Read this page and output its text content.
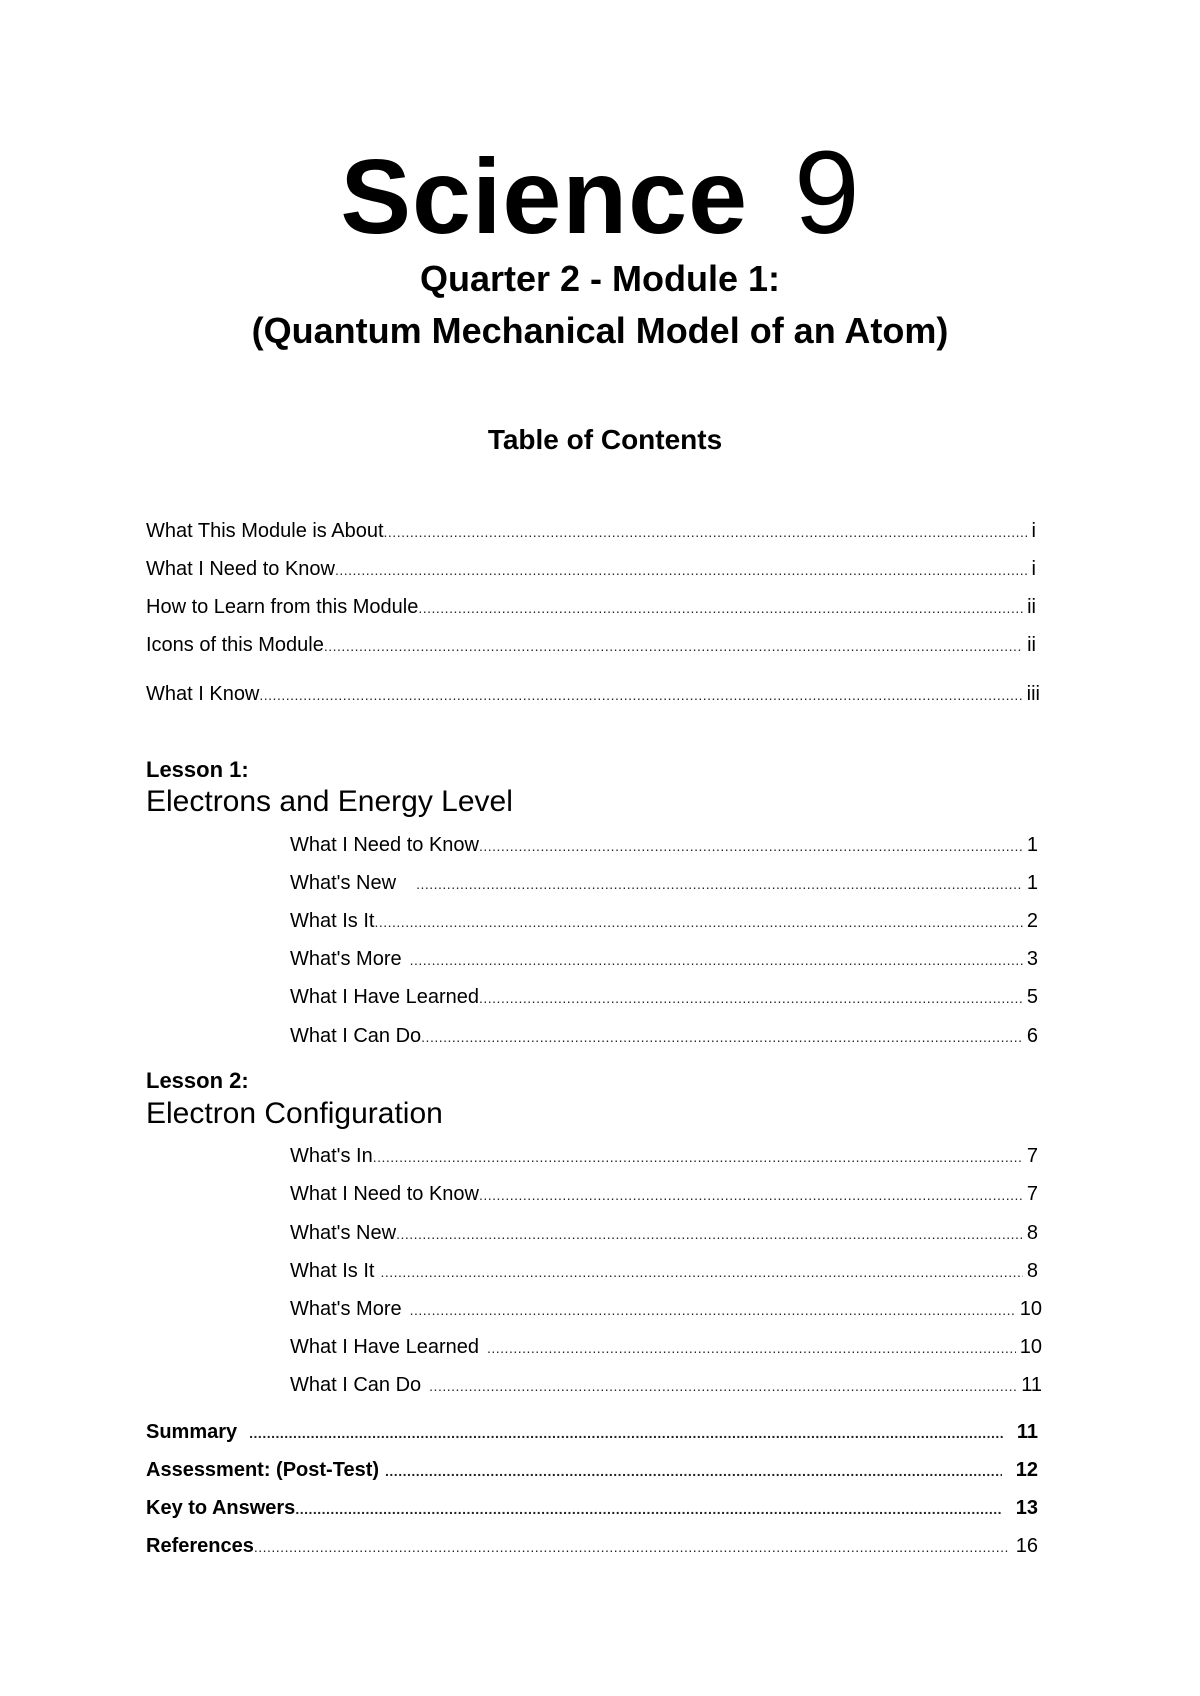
Science 9
Quarter 2 - Module 1:
(Quantum Mechanical Model of an Atom)
Table of Contents
What This Module is About .....	i
What I Need to Know .....	i
How to Learn from this Module .....	ii
Icons of this Module .....	ii
What I Know .....	iii
Lesson 1:
Electrons and Energy Level
What I Need to Know .....	1
What's New .....	1
What Is It .....	2
What's More .....	3
What I Have Learned .....	5
What I Can Do .....	6
Lesson 2:
Electron Configuration
What's In .....	7
What I Need to Know .....	7
What's New .....	8
What Is It .....	8
What's More .....	10
What I Have Learned .....	10
What I Can Do .....	11
Summary .....	11
Assessment: (Post-Test) .....	12
Key to Answers .....	13
References .....	16
